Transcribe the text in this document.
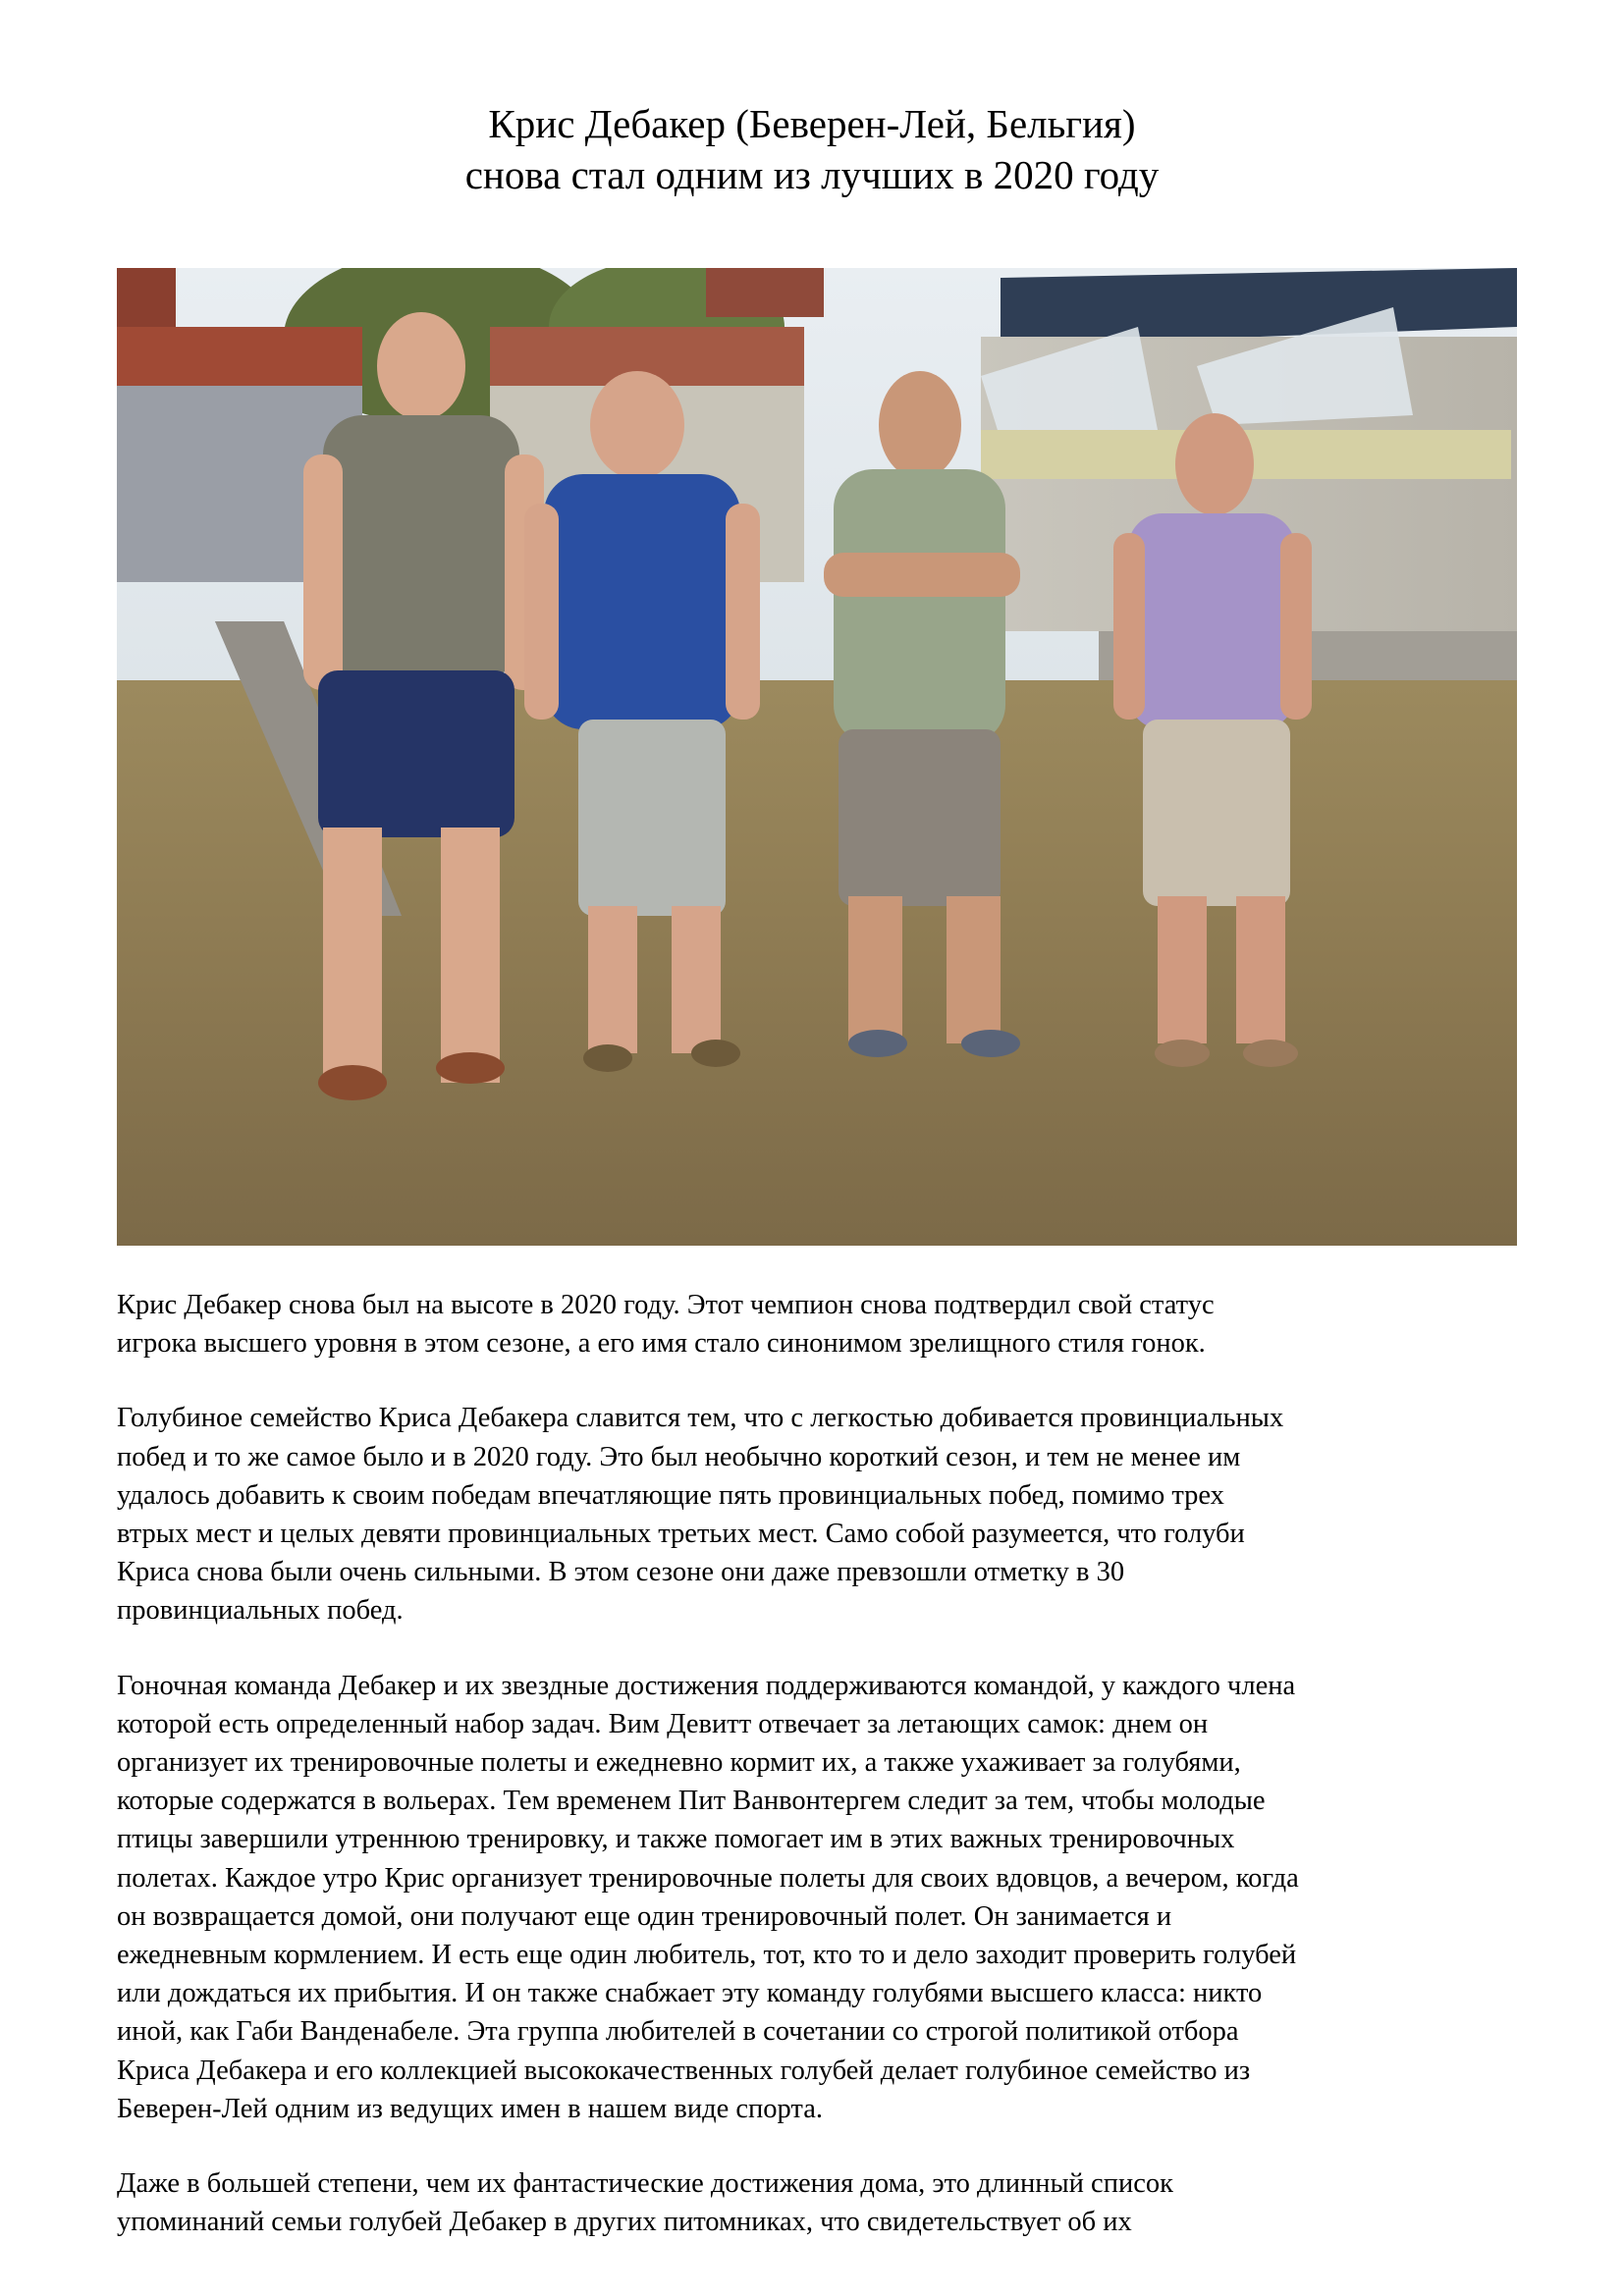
Крис Дебакер (Беверен-Лей, Бельгия)
снова стал одним из лучших в 2020 году
Крис Дебакер снова был на высоте в 2020 году. Этот чемпион снова подтвердил свой статус
игрока высшего уровня в этом сезоне, а его имя стало синонимом зрелищного стиля гонок.
Голубиное семейство Криса Дебакера славится тем, что с легкостью добивается провинциальных
побед и то же самое было и в 2020 году. Это был необычно короткий сезон, и тем не менее им
удалось добавить к своим победам впечатляющие пять провинциальных побед, помимо трех
втрых мест и целых девяти провинциальных третьих мест. Само собой разумеется, что голуби
Криса снова были очень сильными. В этом сезоне они даже превзошли отметку в 30
провинциальных побед.
Гоночная команда Дебакер и их звездные достижения поддерживаются командой, у каждого члена
которой есть определенный набор задач. Вим Девитт отвечает за летающих самок: днем он
организует их тренировочные полеты и ежедневно кормит их, а также ухаживает за голубями,
которые содержатся в вольерах. Тем временем Пит Ванвонтергем следит за тем, чтобы молодые
птицы завершили утреннюю тренировку, и также помогает им в этих важных тренировочных
полетах. Каждое утро Крис организует тренировочные полеты для своих вдовцов, а вечером, когда
он возвращается домой, они получают еще один тренировочный полет. Он занимается и
ежедневным кормлением. И есть еще один любитель, тот, кто то и дело заходит проверить голубей
или дождаться их прибытия. И он также снабжает эту команду голубями высшего класса: никто
иной, как Габи Ванденабеле. Эта группа любителей в сочетании со строгой политикой отбора
Криса Дебакера и его коллекцией высококачественных голубей делает голубиное семейство из
Беверен-Лей одним из ведущих имен в нашем виде спорта.
Даже в большей степени, чем их фантастические достижения дома, это длинный список
упоминаний семьи голубей Дебакер в других питомниках, что свидетельствует об их
